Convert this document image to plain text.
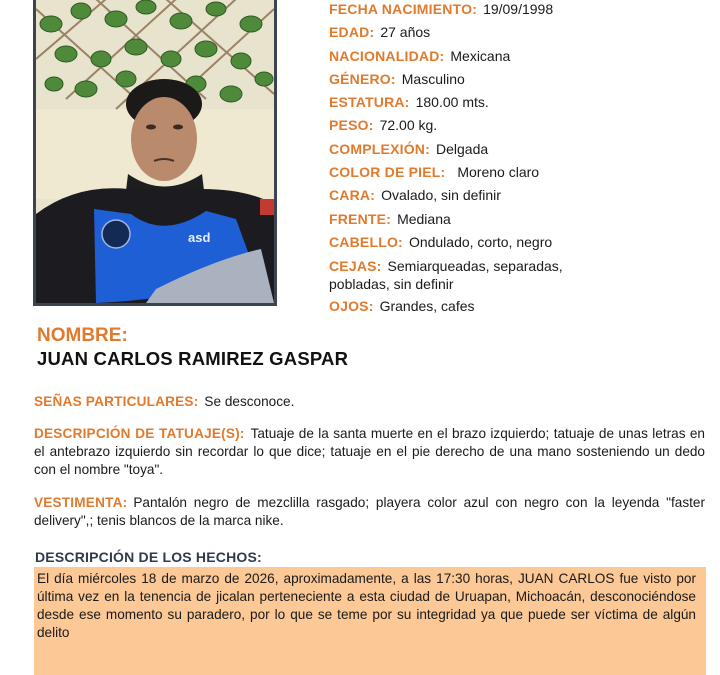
asd
FECHA NACIMIENTO: 19/09/1998
EDAD: 27 años
NACIONALIDAD: Mexicana
GÉNERO: Masculino
ESTATURA: 180.00 mts.
PESO: 72.00 kg.
COMPLEXIÓN: Delgada
COLOR DE PIEL: Moreno claro
CARA: Ovalado, sin definir
FRENTE: Mediana
CABELLO: Ondulado, corto, negro
CEJAS: Semiarqueadas, separadas, pobladas, sin definir
OJOS: Grandes, cafes
NOMBRE:
JUAN CARLOS RAMIREZ GASPAR
SEÑAS PARTICULARES: Se desconoce.
DESCRIPCIÓN DE TATUAJE(S): Tatuaje de la santa muerte en el brazo izquierdo; tatuaje de unas letras en el antebrazo izquierdo sin recordar lo que dice; tatuaje en el pie derecho de una mano sosteniendo un dedo con el nombre "toya".
VESTIMENTA: Pantalón negro de mezclilla rasgado; playera color azul con negro con la leyenda "faster delivery",; tenis blancos de la marca nike.
DESCRIPCIÓN DE LOS HECHOS:
El día miércoles 18 de marzo de 2026, aproximadamente, a las 17:30 horas, JUAN CARLOS fue visto por última vez en la tenencia de jicalan perteneciente a esta ciudad de Uruapan, Michoacán, desconociéndose desde ese momento su paradero, por lo que se teme por su integridad ya que puede ser víctima de algún delito
